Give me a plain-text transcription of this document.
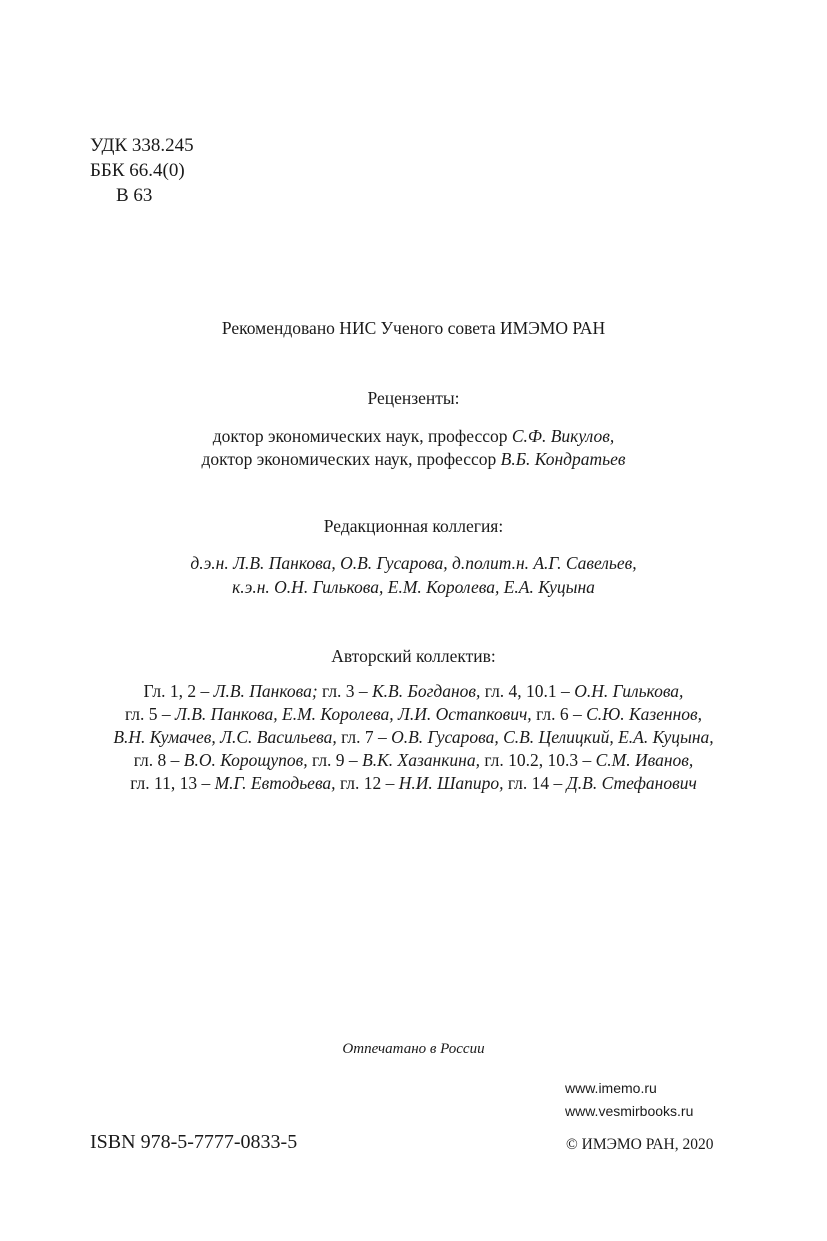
УДК 338.245
ББК 66.4(0)
В 63
Рекомендовано НИС Ученого совета ИМЭМО РАН
Рецензенты:
доктор экономических наук, профессор С.Ф. Викулов,
доктор экономических наук, профессор В.Б. Кондратьев
Редакционная коллегия:
д.э.н. Л.В. Панкова, О.В. Гусарова, д.полит.н. А.Г. Савельев,
к.э.н. О.Н. Гилькова, Е.М. Королева, Е.А. Куцына
Авторский коллектив:
Гл. 1, 2 – Л.В. Панкова; гл. 3 – К.В. Богданов, гл. 4, 10.1 – О.Н. Гилькова,
гл. 5 – Л.В. Панкова, Е.М. Королева, Л.И. Остапкович, гл. 6 – С.Ю. Казеннов,
В.Н. Кумачев, Л.С. Васильева, гл. 7 – О.В. Гусарова, С.В. Целицкий, Е.А. Куцына,
гл. 8 – В.О. Корощупов, гл. 9 – В.К. Хазанкина, гл. 10.2, 10.3 – С.М. Иванов,
гл. 11, 13 – М.Г. Евтодьева, гл. 12 – Н.И. Шапиро, гл. 14 – Д.В. Стефанович
Отпечатано в России
www.imemo.ru
www.vesmirbooks.ru
ISBN 978-5-7777-0833-5	© ИМЭМО РАН, 2020
